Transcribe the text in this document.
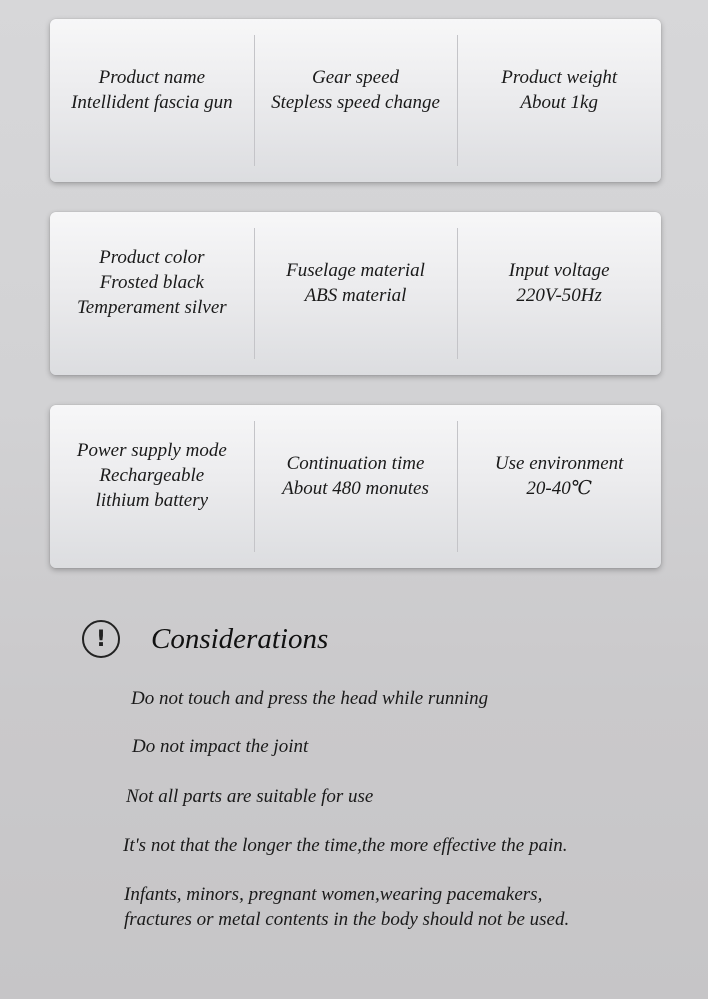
Product name
Intellident fascia gun
Gear speed
Stepless speed change
Product weight
About 1kg
Product color
Frosted black
Temperament silver
Fuselage material
ABS material
Input voltage
220V-50Hz
Power supply mode
Rechargeable
lithium battery
Continuation time
About 480 monutes
Use environment
20-40℃
!	Considerations
Do not touch and press the head while running
Do not impact the joint
Not all parts are suitable for use
It's not that the longer the time,the more effective the pain.
Infants, minors, pregnant women,wearing pacemakers,
fractures or metal contents in the body should not be used.
